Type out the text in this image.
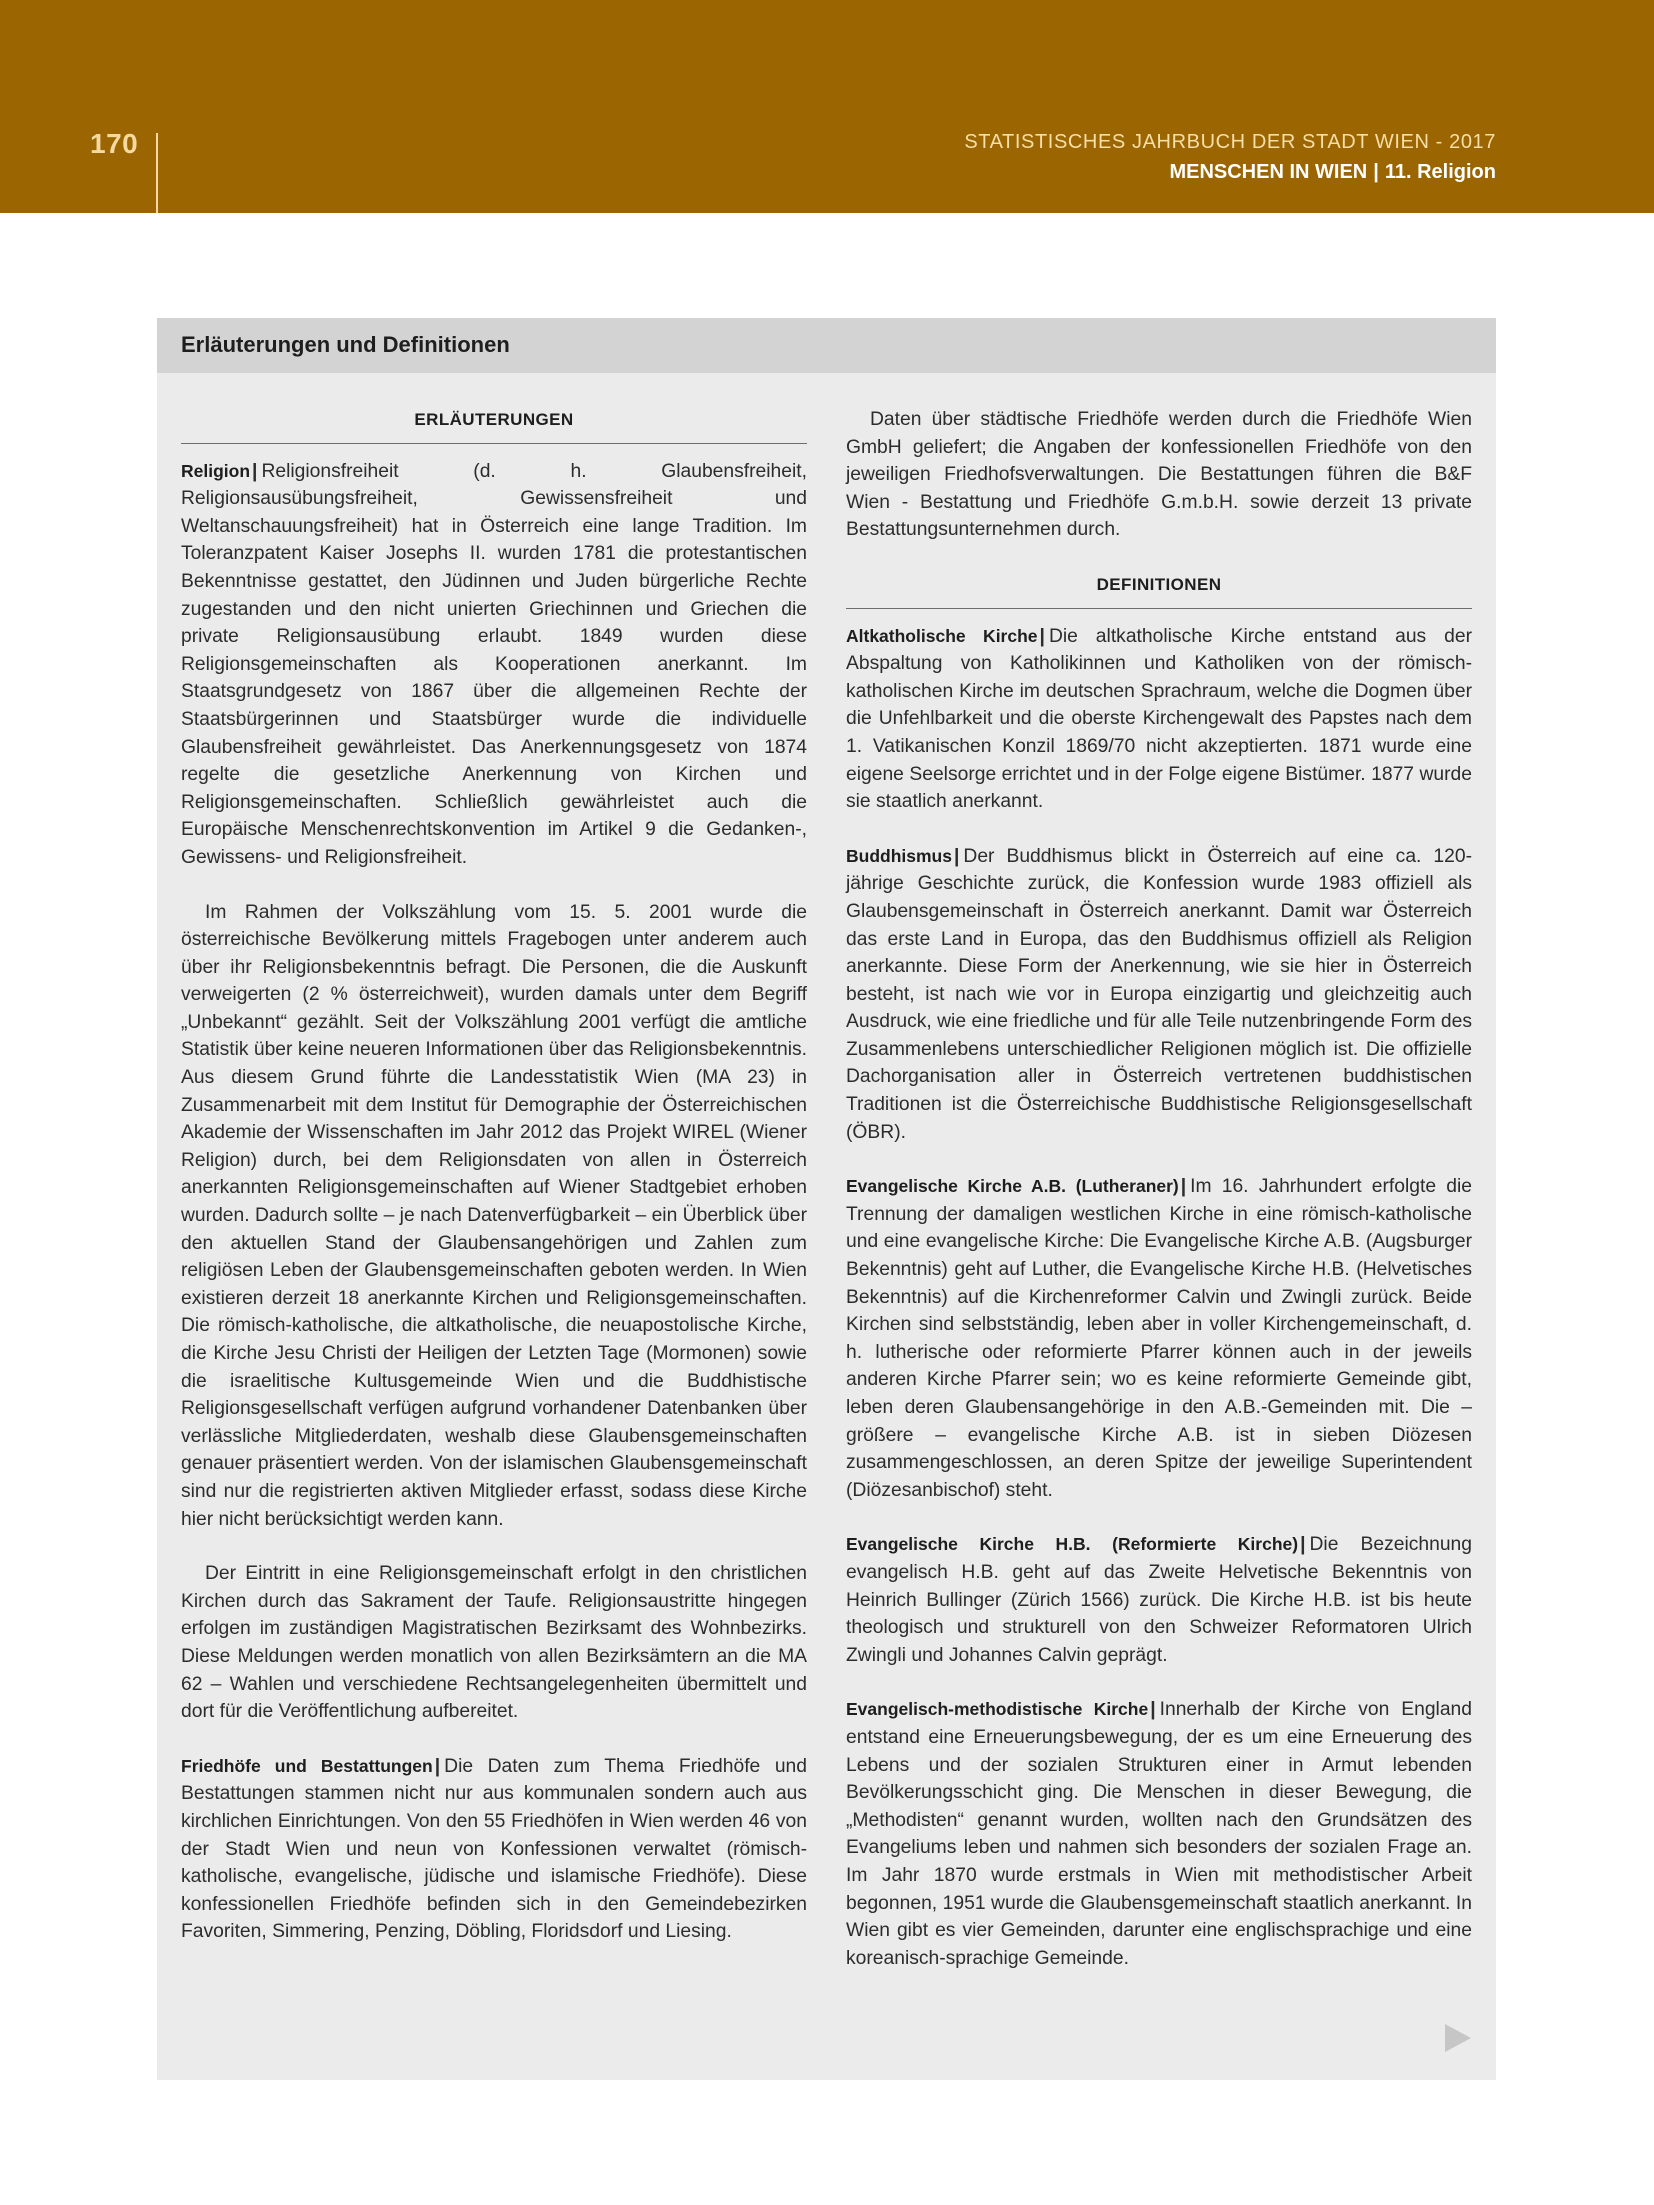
170	STATISTISCHES JAHRBUCH DER STADT WIEN - 2017
MENSCHEN IN WIEN | 11. Religion
Erläuterungen und Definitionen
ERLÄUTERUNGEN

Religion | Religionsfreiheit (d. h. Glaubensfreiheit, Religionsausübungsfreiheit, Gewissensfreiheit und Weltanschauungsfreiheit) hat in Österreich eine lange Tradition. Im Toleranzpatent Kaiser Josephs II. wurden 1781 die protestantischen Bekenntnisse gestattet, den Jüdinnen und Juden bürgerliche Rechte zugestanden und den nicht unierten Griechinnen und Griechen die private Religionsausübung erlaubt. 1849 wurden diese Religionsgemeinschaften als Kooperationen anerkannt. Im Staatsgrundgesetz von 1867 über die allgemeinen Rechte der Staatsbürgerinnen und Staatsbürger wurde die individuelle Glaubensfreiheit gewährleistet. Das Anerkennungsgesetz von 1874 regelte die gesetzliche Anerkennung von Kirchen und Religionsgemeinschaften. Schließlich gewährleistet auch die Europäische Menschenrechtskonvention im Artikel 9 die Gedanken-, Gewissens- und Religionsfreiheit.

Im Rahmen der Volkszählung vom 15. 5. 2001 wurde die österreichische Bevölkerung mittels Fragebogen unter anderem auch über ihr Religionsbekenntnis befragt. Die Personen, die die Auskunft verweigerten (2 % österreichweit), wurden damals unter dem Begriff „Unbekannt“ gezählt. Seit der Volkszählung 2001 verfügt die amtliche Statistik über keine neueren Informationen über das Religionsbekenntnis. Aus diesem Grund führte die Landesstatistik Wien (MA 23) in Zusammenarbeit mit dem Institut für Demographie der Österreichischen Akademie der Wissenschaften im Jahr 2012 das Projekt WIREL (Wiener Religion) durch, bei dem Religionsdaten von allen in Österreich anerkannten Religionsgemeinschaften auf Wiener Stadtgebiet erhoben wurden. Dadurch sollte – je nach Datenverfügbarkeit – ein Überblick über den aktuellen Stand der Glaubensangehörigen und Zahlen zum religiösen Leben der Glaubensgemeinschaften geboten werden. In Wien existieren derzeit 18 anerkannte Kirchen und Religionsgemeinschaften. Die römisch-katholische, die altkatholische, die neuapostolische Kirche, die Kirche Jesu Christi der Heiligen der Letzten Tage (Mormonen) sowie die israelitische Kultusgemeinde Wien und die Buddhistische Religionsgesellschaft verfügen aufgrund vorhandener Datenbanken über verlässliche Mitgliederdaten, weshalb diese Glaubensgemeinschaften genauer präsentiert werden. Von der islamischen Glaubensgemeinschaft sind nur die registrierten aktiven Mitglieder erfasst, sodass diese Kirche hier nicht berücksichtigt werden kann.

Der Eintritt in eine Religionsgemeinschaft erfolgt in den christlichen Kirchen durch das Sakrament der Taufe. Religionsaustritte hingegen erfolgen im zuständigen Magistratischen Bezirksamt des Wohnbezirks. Diese Meldungen werden monatlich von allen Bezirksämtern an die MA 62 – Wahlen und verschiedene Rechtsangelegenheiten übermittelt und dort für die Veröffentlichung aufbereitet.

Friedhöfe und Bestattungen | Die Daten zum Thema Friedhöfe und Bestattungen stammen nicht nur aus kommunalen sondern auch aus kirchlichen Einrichtungen. Von den 55 Friedhöfen in Wien werden 46 von der Stadt Wien und neun von Konfessionen verwaltet (römisch-katholische, evangelische, jüdische und islamische Friedhöfe). Diese konfessionellen Friedhöfe befinden sich in den Gemeindebezirken Favoriten, Simmering, Penzing, Döbling, Floridsdorf und Liesing.

Daten über städtische Friedhöfe werden durch die Friedhöfe Wien GmbH geliefert; die Angaben der konfessionellen Friedhöfe von den jeweiligen Friedhofsverwaltungen. Die Bestattungen führen die B&F Wien - Bestattung und Friedhöfe G.m.b.H. sowie derzeit 13 private Bestattungsunternehmen durch.

DEFINITIONEN

Altkatholische Kirche | Die altkatholische Kirche entstand aus der Abspaltung von Katholikinnen und Katholiken von der römisch-katholischen Kirche im deutschen Sprachraum, welche die Dogmen über die Unfehlbarkeit und die oberste Kirchengewalt des Papstes nach dem 1. Vatikanischen Konzil 1869/70 nicht akzeptierten. 1871 wurde eine eigene Seelsorge errichtet und in der Folge eigene Bistümer. 1877 wurde sie staatlich anerkannt.

Buddhismus | Der Buddhismus blickt in Österreich auf eine ca. 120-jährige Geschichte zurück, die Konfession wurde 1983 offiziell als Glaubensgemeinschaft in Österreich anerkannt. Damit war Österreich das erste Land in Europa, das den Buddhismus offiziell als Religion anerkannte. Diese Form der Anerkennung, wie sie hier in Österreich besteht, ist nach wie vor in Europa einzigartig und gleichzeitig auch Ausdruck, wie eine friedliche und für alle Teile nutzenbringende Form des Zusammenlebens unterschiedlicher Religionen möglich ist. Die offizielle Dachorganisation aller in Österreich vertretenen buddhistischen Traditionen ist die Österreichische Buddhistische Religionsgesellschaft (ÖBR).

Evangelische Kirche A.B. (Lutheraner) | Im 16. Jahrhundert erfolgte die Trennung der damaligen westlichen Kirche in eine römisch-katholische und eine evangelische Kirche: Die Evangelische Kirche A.B. (Augsburger Bekenntnis) geht auf Luther, die Evangelische Kirche H.B. (Helvetisches Bekenntnis) auf die Kirchenreformer Calvin und Zwingli zurück. Beide Kirchen sind selbstständig, leben aber in voller Kirchengemeinschaft, d. h. lutherische oder reformierte Pfarrer können auch in der jeweils anderen Kirche Pfarrer sein; wo es keine reformierte Gemeinde gibt, leben deren Glaubensangehörige in den A.B.-Gemeinden mit. Die – größere – evangelische Kirche A.B. ist in sieben Diözesen zusammengeschlossen, an deren Spitze der jeweilige Superintendent (Diözesanbischof) steht.

Evangelische Kirche H.B. (Reformierte Kirche) | Die Bezeichnung evangelisch H.B. geht auf das Zweite Helvetische Bekenntnis von Heinrich Bullinger (Zürich 1566) zurück. Die Kirche H.B. ist bis heute theologisch und strukturell von den Schweizer Reformatoren Ulrich Zwingli und Johannes Calvin geprägt.

Evangelisch-methodistische Kirche | Innerhalb der Kirche von England entstand eine Erneuerungsbewegung, der es um eine Erneuerung des Lebens und der sozialen Strukturen einer in Armut lebenden Bevölkerungsschicht ging. Die Menschen in dieser Bewegung, die „Methodisten“ genannt wurden, wollten nach den Grundsätzen des Evangeliums leben und nahmen sich besonders der sozialen Frage an. Im Jahr 1870 wurde erstmals in Wien mit methodistischer Arbeit begonnen, 1951 wurde die Glaubensgemeinschaft staatlich anerkannt. In Wien gibt es vier Gemeinden, darunter eine englischsprachige und eine koreanisch-sprachige Gemeinde.
